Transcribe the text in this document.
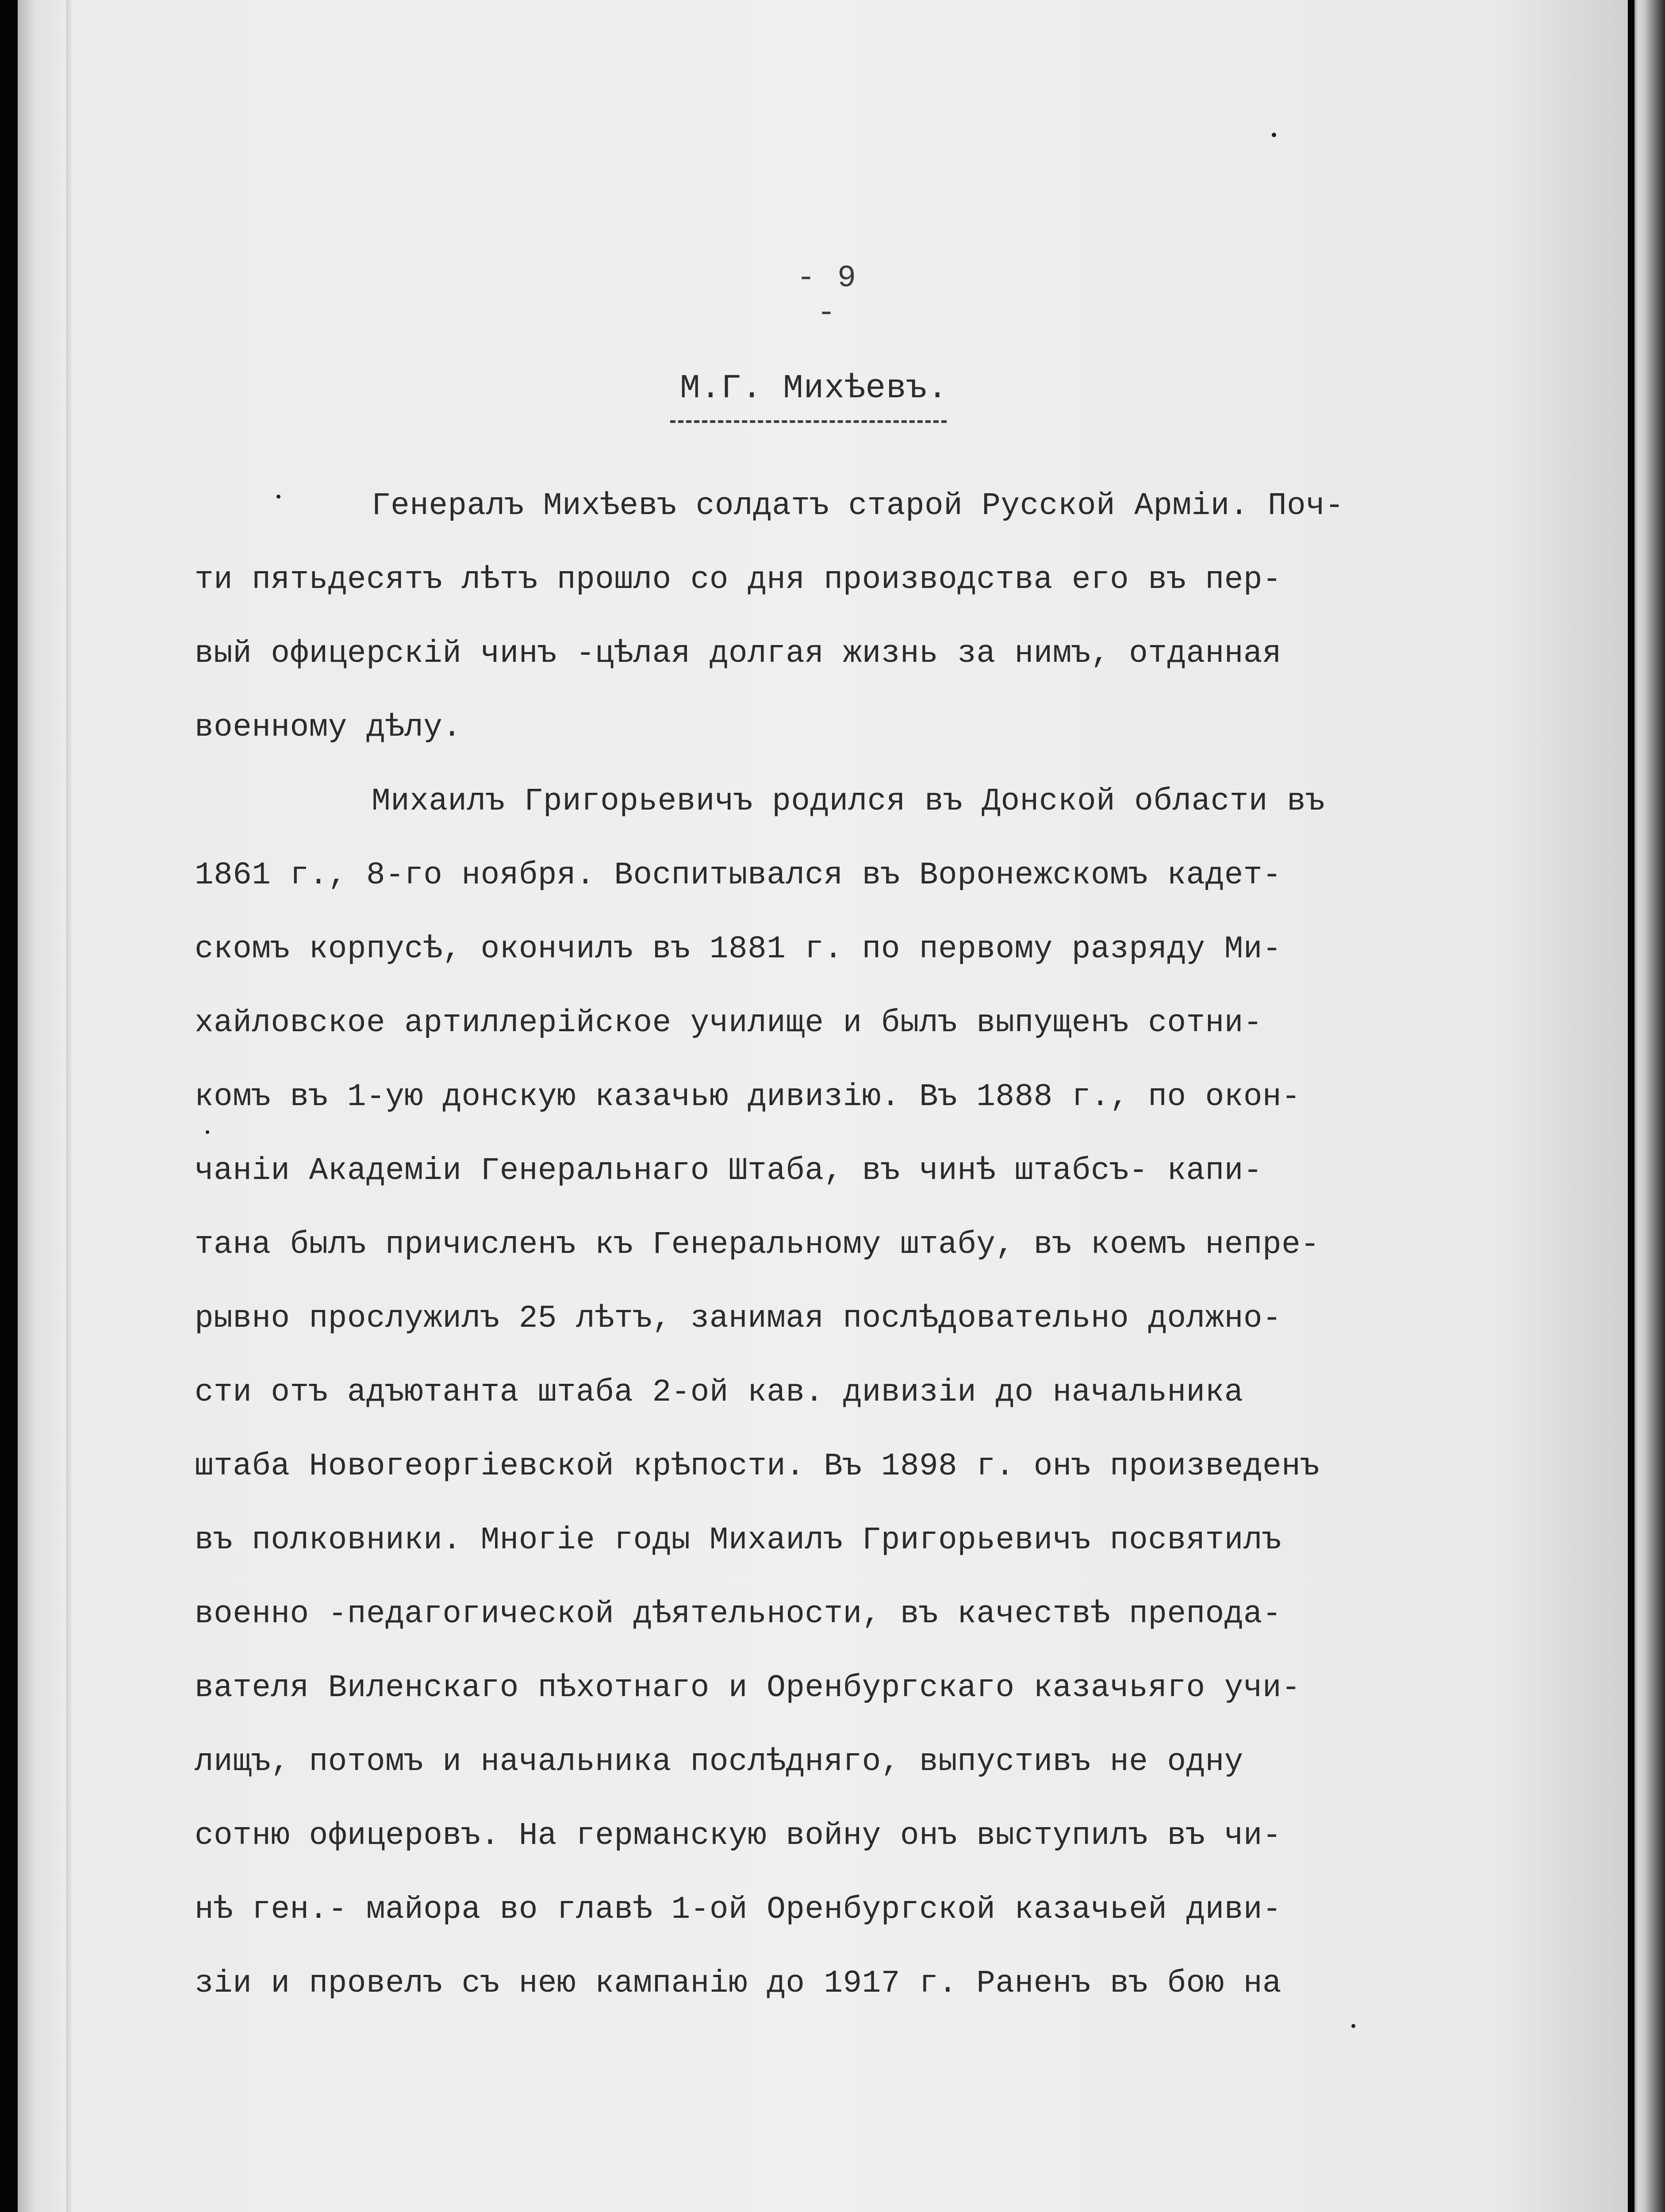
- 9 -
М.Г. Михѣевъ.
Генералъ Михѣевъ солдатъ старой Русской Арміи. Поч-
ти пятьдесятъ лѣтъ прошло со дня производства его въ пер-
вый офицерскій чинъ -цѣлая долгая жизнь за нимъ, отданная
военному дѣлу.
Михаилъ Григорьевичъ родился въ Донской области въ
1861 г., 8-го ноября. Воспитывался въ Воронежскомъ кадет-
скомъ корпусѣ, окончилъ въ 1881 г. по первому разряду Ми-
хайловское артиллерійское училище и былъ выпущенъ сотни-
комъ въ 1-ую донскую казачью дивизію. Въ 1888 г., по окон-
чаніи Академіи Генеральнаго Штаба, въ чинѣ штабсъ- капи-
тана былъ причисленъ къ Генеральному штабу, въ коемъ непре-
рывно прослужилъ 25 лѣтъ, занимая послѣдовательно должно-
сти отъ адъютанта штаба 2-ой кав. дивизіи до начальника
штаба Новогеоргіевской крѣпости. Въ 1898 г. онъ произведенъ
въ полковники. Многіе годы Михаилъ Григорьевичъ посвятилъ
военно -педагогической дѣятельности, въ качествѣ препода-
вателя Виленскаго пѣхотнаго и Оренбургскаго казачьяго учи-
лищъ, потомъ и начальника послѣдняго, выпустивъ не одну
сотню офицеровъ. На германскую войну онъ выступилъ въ чи-
нѣ ген.- майора во главѣ 1-ой Оренбургской казачьей диви-
зіи и провелъ съ нею кампанію до 1917 г. Раненъ въ бою на
